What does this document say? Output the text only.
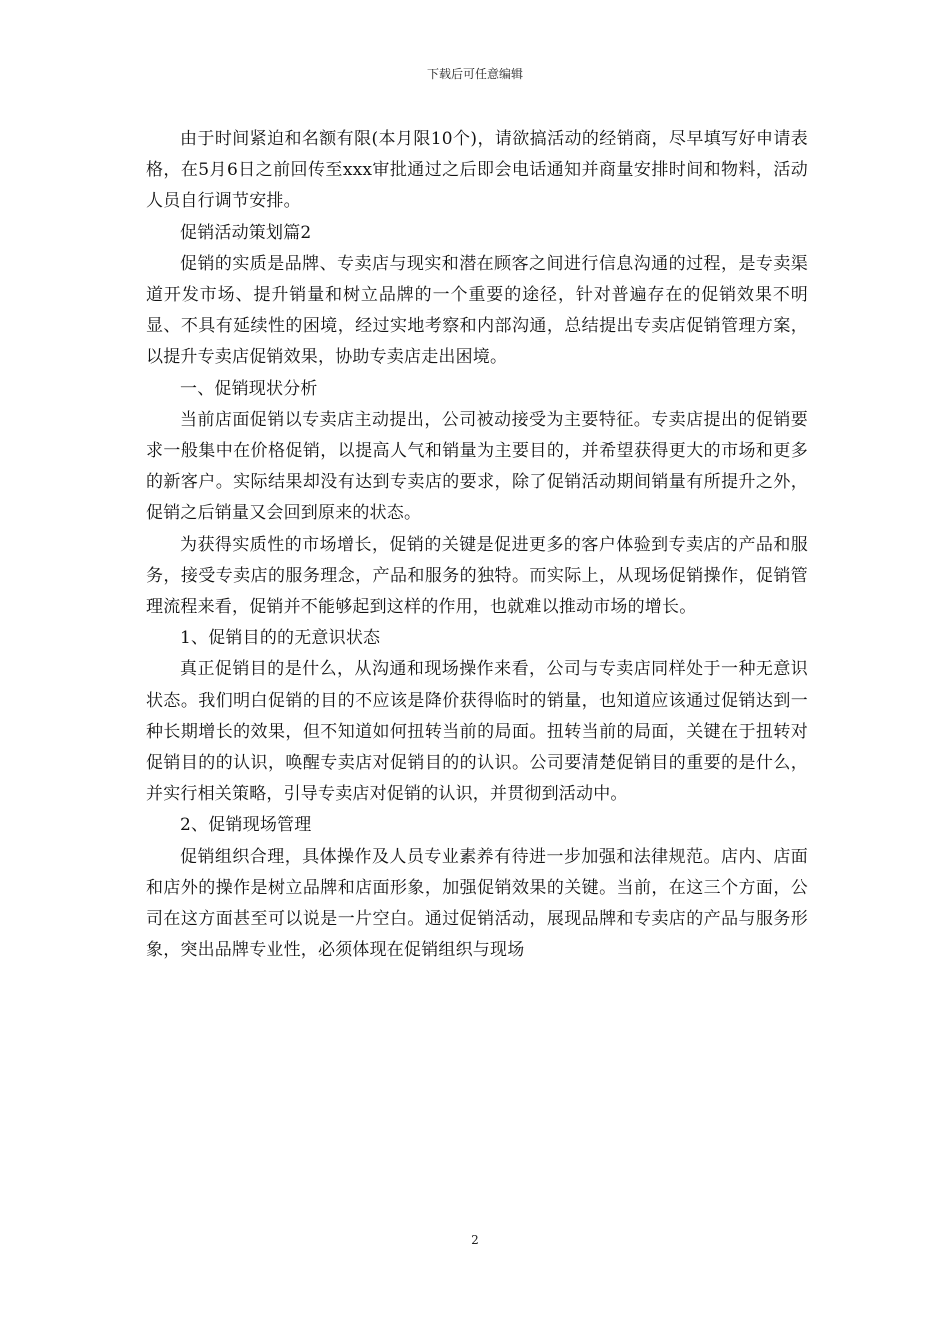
下载后可任意编辑

由于时间紧迫和名额有限(本月限10个)，请欲搞活动的经销商，尽早填写好申请表格，在5月6日之前回传至xxx审批通过之后即会电话通知并商量安排时间和物料，活动人员自行调节安排。

促销活动策划篇2

促销的实质是品牌、专卖店与现实和潜在顾客之间进行信息沟通的过程，是专卖渠道开发市场、提升销量和树立品牌的一个重要的途径，针对普遍存在的促销效果不明显、不具有延续性的困境，经过实地考察和内部沟通，总结提出专卖店促销管理方案，以提升专卖店促销效果，协助专卖店走出困境。

一、促销现状分析

当前店面促销以专卖店主动提出，公司被动接受为主要特征。专卖店提出的促销要求一般集中在价格促销，以提高人气和销量为主要目的，并希望获得更大的市场和更多的新客户。实际结果却没有达到专卖店的要求，除了促销活动期间销量有所提升之外，促销之后销量又会回到原来的状态。

为获得实质性的市场增长，促销的关键是促进更多的客户体验到专卖店的产品和服务，接受专卖店的服务理念，产品和服务的独特。而实际上，从现场促销操作，促销管理流程来看，促销并不能够起到这样的作用，也就难以推动市场的增长。

1、促销目的的无意识状态

真正促销目的是什么，从沟通和现场操作来看，公司与专卖店同样处于一种无意识状态。我们明白促销的目的不应该是降价获得临时的销量，也知道应该通过促销达到一种长期增长的效果，但不知道如何扭转当前的局面。扭转当前的局面，关键在于扭转对促销目的的认识，唤醒专卖店对促销目的的认识。公司要清楚促销目的重要的是什么，并实行相关策略，引导专卖店对促销的认识，并贯彻到活动中。

2、促销现场管理

促销组织合理，具体操作及人员专业素养有待进一步加强和法律规范。店内、店面和店外的操作是树立品牌和店面形象，加强促销效果的关键。当前，在这三个方面，公司在这方面甚至可以说是一片空白。通过促销活动，展现品牌和专卖店的产品与服务形象，突出品牌专业性，必须体现在促销组织与现场

2
